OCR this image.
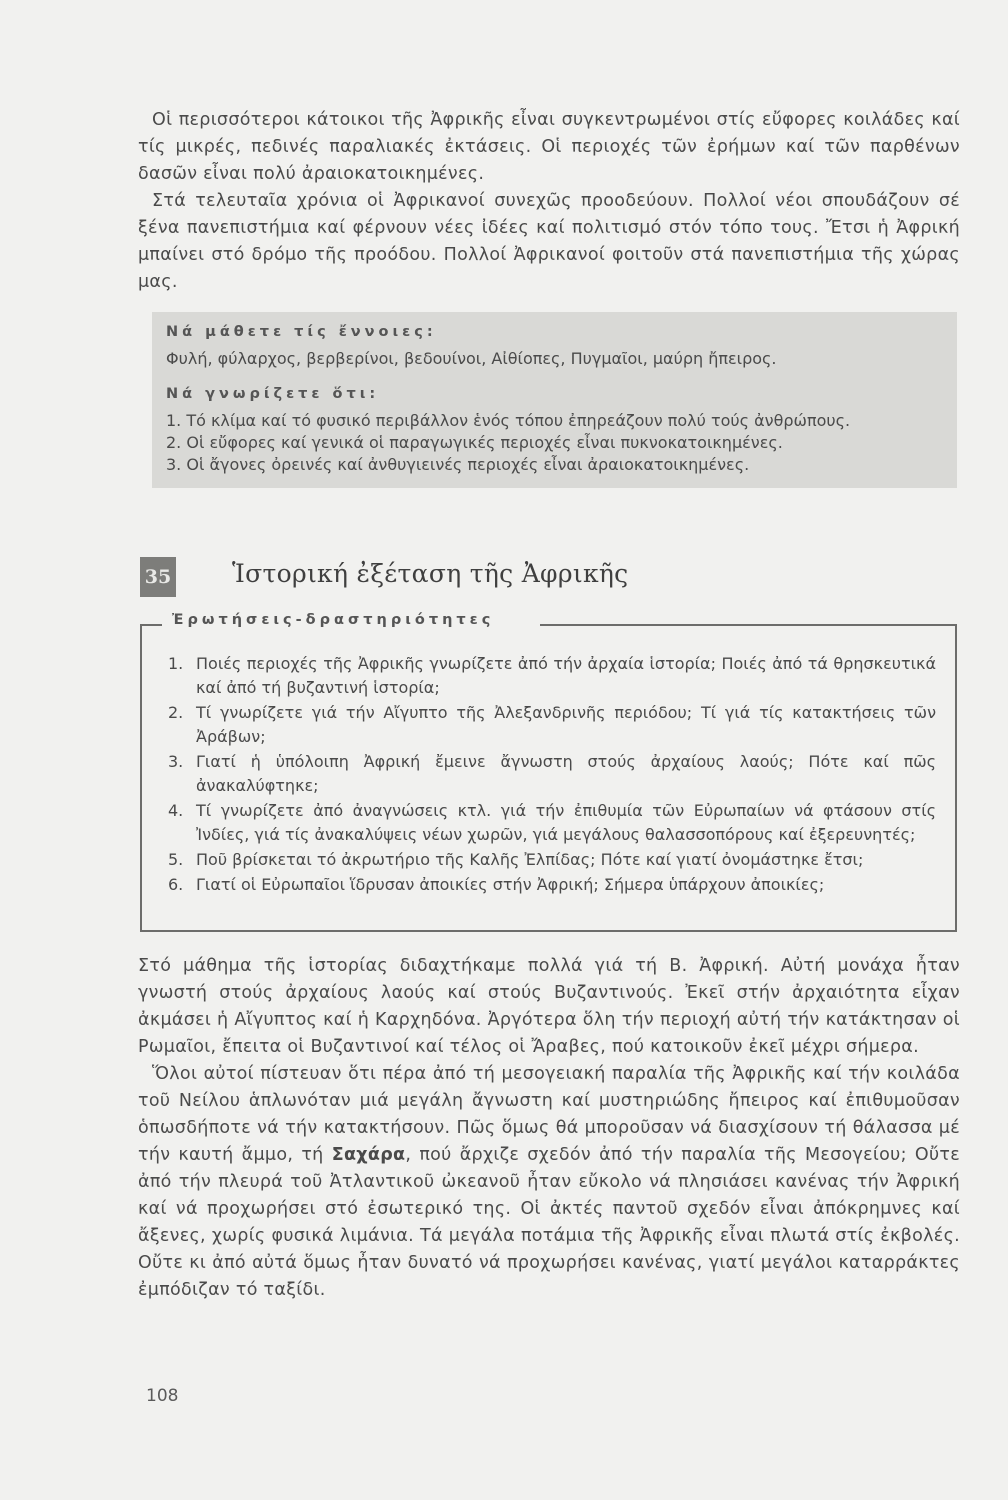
Οἱ περισσότεροι κάτοικοι τῆς Ἀφρικῆς εἶναι συγκεντρωμένοι στίς εὔφορες κοιλάδες καί τίς μικρές, πεδινές παραλιακές ἐκτάσεις. Οἱ περιοχές τῶν ἐρήμων καί τῶν παρθένων δασῶν εἶναι πολύ ἀραιοκατοικημένες.

Στά τελευταῖα χρόνια οἱ Ἀφρικανοί συνεχῶς προοδεύουν. Πολλοί νέοι σπουδάζουν σέ ξένα πανεπιστήμια καί φέρνουν νέες ἰδέες καί πολιτισμό στόν τόπο τους. Ἔτσι ἡ Ἀφρική μπαίνει στό δρόμο τῆς προόδου. Πολλοί Ἀφρικανοί φοιτοῦν στά πανεπιστήμια τῆς χώρας μας.

Νά μάθετε τίς ἔννοιες:

Φυλή, φύλαρχος, βερβερίνοι, βεδουίνοι, Αἰθίοπες, Πυγμαῖοι, μαύρη ἤπειρος.

Νά γνωρίζετε ὅτι:

1. Τό κλίμα καί τό φυσικό περιβάλλον ἑνός τόπου ἐπηρεάζουν πολύ τούς ἀνθρώπους.
2. Οἱ εὔφορες καί γενικά οἱ παραγωγικές περιοχές εἶναι πυκνοκατοικημένες.
3. Οἱ ἄγονες ὀρεινές καί ἀνθυγιεινές περιοχές εἶναι ἀραιοκατοικημένες.
35 Ἱστορική ἐξέταση τῆς Ἀφρικῆς
Ἐρωτήσεις-δραστηριότητες
1. Ποιές περιοχές τῆς Ἀφρικῆς γνωρίζετε ἀπό τήν ἀρχαία ἱστορία; Ποιές ἀπό τά θρησκευτικά καί ἀπό τή βυζαντινή ἱστορία;
2. Τί γνωρίζετε γιά τήν Αἴγυπτο τῆς Ἀλεξανδρινῆς περιόδου; Τί γιά τίς κατακτήσεις τῶν Ἀράβων;
3. Γιατί ἡ ὑπόλοιπη Ἀφρική ἔμεινε ἄγνωστη στούς ἀρχαίους λαούς; Πότε καί πῶς ἀνακαλύφτηκε;
4. Τί γνωρίζετε ἀπό ἀναγνώσεις κτλ. γιά τήν ἐπιθυμία τῶν Εὐρωπαίων νά φτάσουν στίς Ἰνδίες, γιά τίς ἀνακαλύψεις νέων χωρῶν, γιά μεγάλους θαλασσοπόρους καί ἐξερευνητές;
5. Ποῦ βρίσκεται τό ἀκρωτήριο τῆς Καλῆς Ἐλπίδας; Πότε καί γιατί ὀνομάστηκε ἔτσι;
6. Γιατί οἱ Εὐρωπαῖοι ἵδρυσαν ἀποικίες στήν Ἀφρική; Σήμερα ὑπάρχουν ἀποικίες;

Στό μάθημα τῆς ἱστορίας διδαχτήκαμε πολλά γιά τή Β. Ἀφρική. Αὐτή μονάχα ἦταν γνωστή στούς ἀρχαίους λαούς καί στούς Βυζαντινούς. Ἐκεῖ στήν ἀρχαιότητα εἶχαν ἀκμάσει ἡ Αἴγυπτος καί ἡ Καρχηδόνα. Ἀργότερα ὅλη τήν περιοχή αὐτή τήν κατάκτησαν οἱ Ρωμαῖοι, ἔπειτα οἱ Βυζαντινοί καί τέλος οἱ Ἄραβες, πού κατοικοῦν ἐκεῖ μέχρι σήμερα.

Ὅλοι αὐτοί πίστευαν ὅτι πέρα ἀπό τή μεσογειακή παραλία τῆς Ἀφρικῆς καί τήν κοιλάδα τοῦ Νείλου ἁπλωνόταν μιά μεγάλη ἄγνωστη καί μυστηριώδης ἤπειρος καί ἐπιθυμοῦσαν ὁπωσδήποτε νά τήν κατακτήσουν. Πῶς ὅμως θά μποροῦσαν νά διασχίσουν τή θάλασσα μέ τήν καυτή ἄμμο, τή Σαχάρα, πού ἄρχιζε σχεδόν ἀπό τήν παραλία τῆς Μεσογείου; Οὔτε ἀπό τήν πλευρά τοῦ Ἀτλαντικοῦ ὠκεανοῦ ἦταν εὔκολο νά πλησιάσει κανένας τήν Ἀφρική καί νά προχωρήσει στό ἐσωτερικό της. Οἱ ἀκτές παντοῦ σχεδόν εἶναι ἀπόκρημνες καί ἄξενες, χωρίς φυσικά λιμάνια. Τά μεγάλα ποτάμια τῆς Ἀφρικῆς εἶναι πλωτά στίς ἐκβολές. Οὔτε κι ἀπό αὐτά ὅμως ἦταν δυνατό νά προχωρήσει κανένας, γιατί μεγάλοι καταρράκτες ἐμπόδιζαν τό ταξίδι.

108
